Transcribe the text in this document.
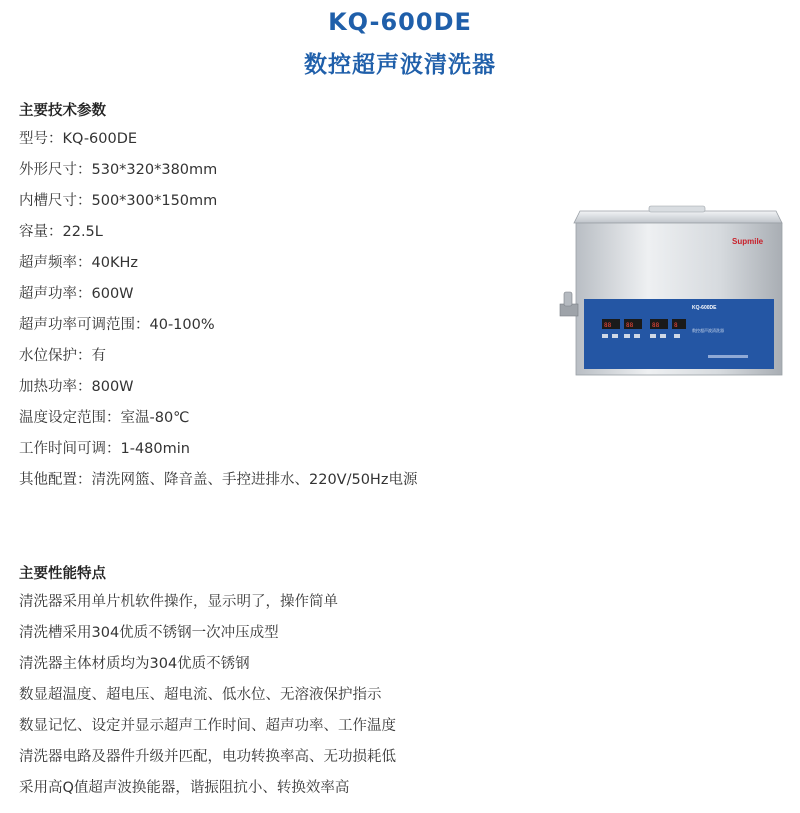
KQ-600DE
数控超声波清洗器
主要技术参数
型号：KQ-600DE
外形尺寸：530*320*380mm
内槽尺寸：500*300*150mm
容量：22.5L
超声频率：40KHz
超声功率：600W
超声功率可调范围：40-100%
水位保护：有
加热功率：800W
温度设定范围：室温-80℃
工作时间可调：1-480min
其他配置：清洗网篮、降音盖、手控进排水、220V/50Hz电源
主要性能特点
清洗器采用单片机软件操作，显示明了，操作简单
清洗槽采用304优质不锈钢一次冲压成型
清洗器主体材质均为304优质不锈钢
数显超温度、超电压、超电流、低水位、无溶液保护指示
数显记忆、设定并显示超声工作时间、超声功率、工作温度
清洗器电路及器件升级并匹配，电功转换率高、无功损耗低
采用高Q值超声波换能器，谐振阻抗小、转换效率高
Supmile
KQ-600DE
数控超声波清洗器
88 88	88 8
